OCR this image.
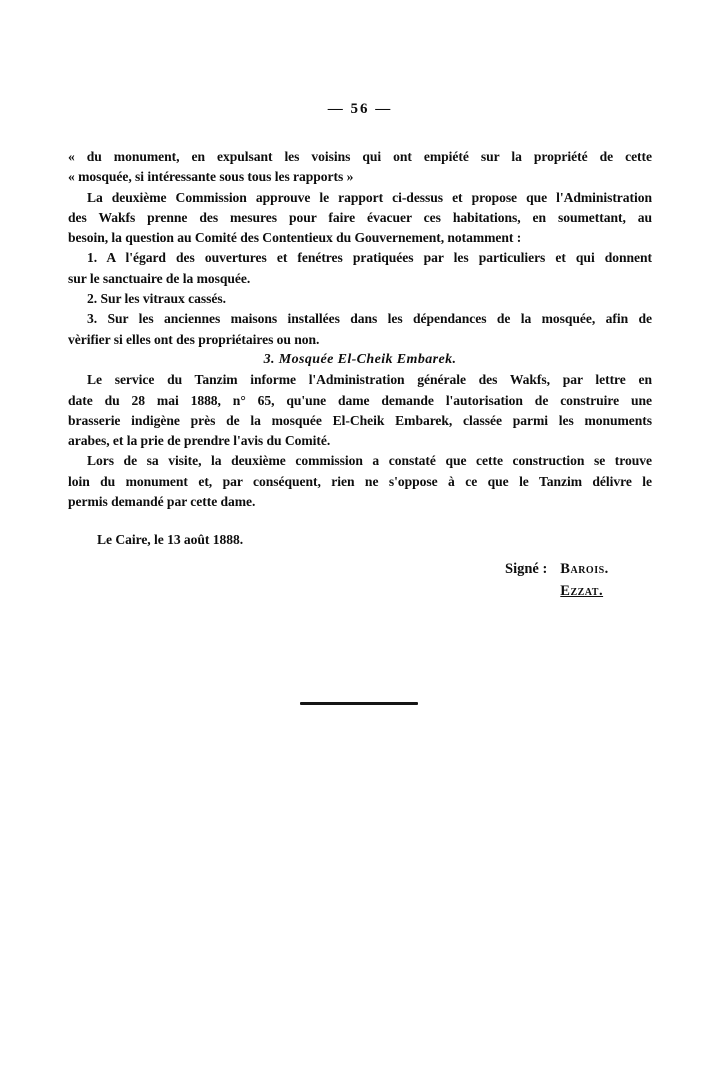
— 56 —
« du monument, en expulsant les voisins qui ont empiété sur la propriété de cette
« mosquée, si intéressante sous tous les rapports »
La deuxième Commission approuve le rapport ci-dessus et propose que l'Administration
des Wakfs prenne des mesures pour faire évacuer ces habitations, en soumettant, au
besoin, la question au Comité des Contentieux du Gouvernement, notamment :
1. A l'égard des ouvertures et fenétres pratiquées par les particuliers et qui donnent
sur le sanctuaire de la mosquée.
2. Sur les vitraux cassés.
3. Sur les anciennes maisons installées dans les dépendances de la mosquée, afin de
vèrifier si elles ont des propriétaires ou non.
3. Mosquée El-Cheik Embarek.
Le service du Tanzim informe l'Administration générale des Wakfs, par lettre en
date du 28 mai 1888, n° 65, qu'une dame demande l'autorisation de construire une
brasserie indigène près de la mosquée El-Cheik Embarek, classée parmi les monuments
arabes, et la prie de prendre l'avis du Comité.
Lors de sa visite, la deuxième commission a constaté que cette construction se trouve
loin du monument et, par conséquent, rien ne s'oppose à ce que le Tanzim délivre le
permis demandé par cette dame.
Le Caire, le 13 août 1888.
Signé : Barois.
Ezzat.
